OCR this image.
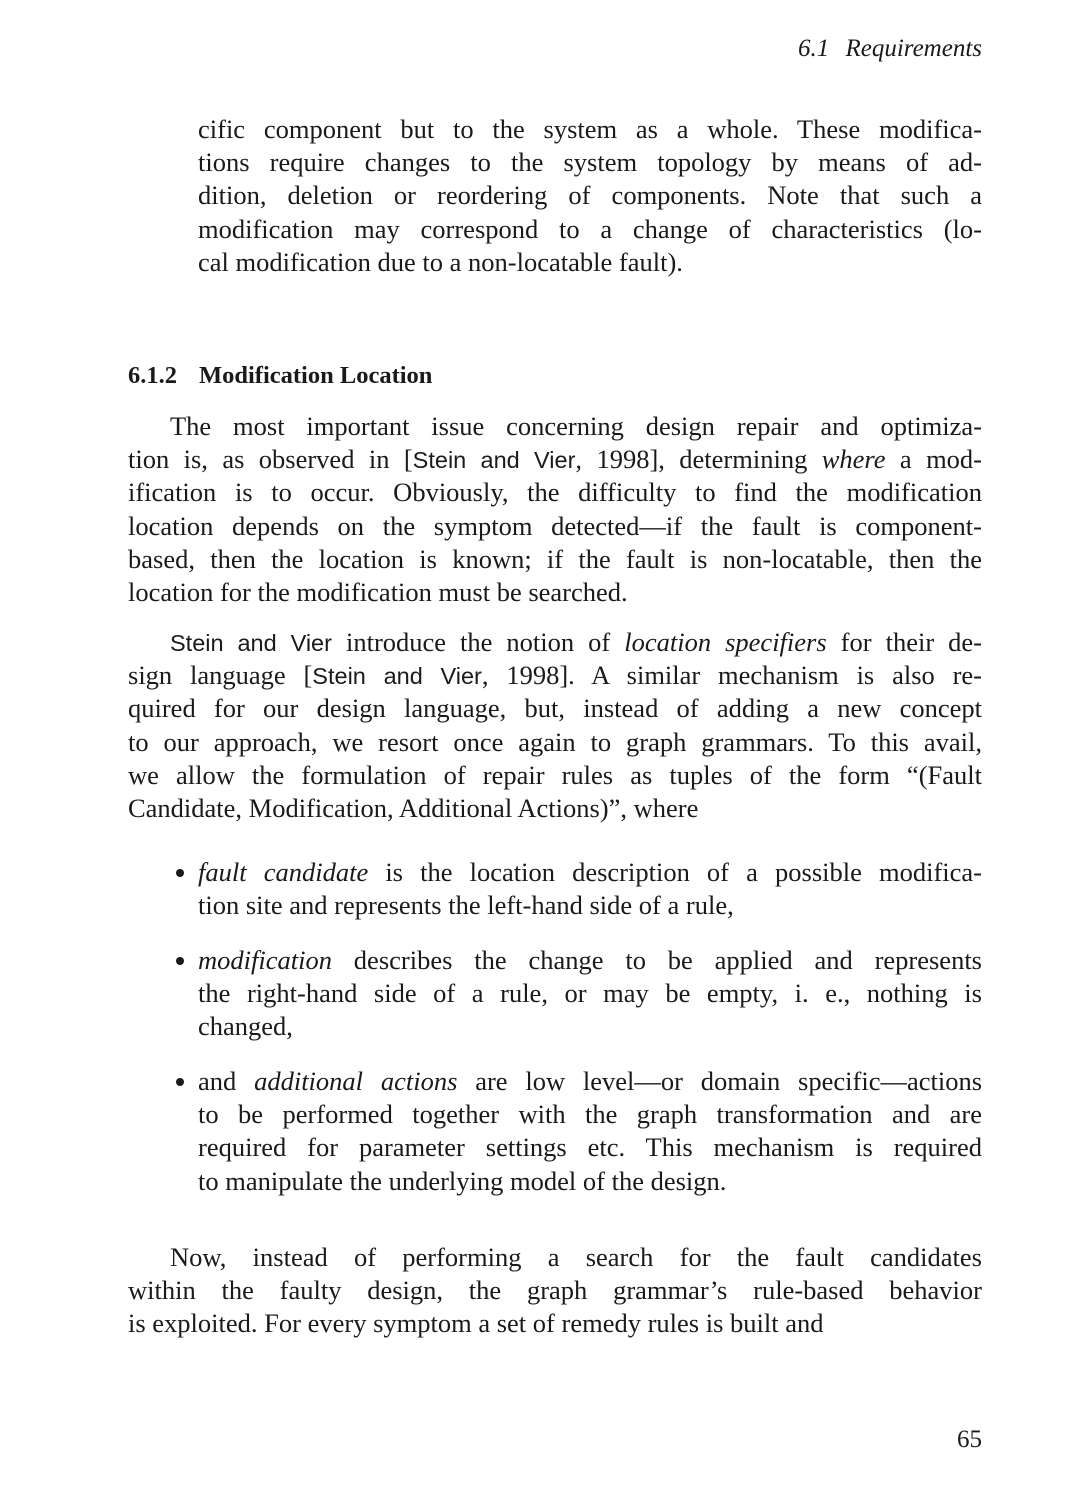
6.1 Requirements
cific component but to the system as a whole. These modifica-
tions require changes to the system topology by means of ad-
dition, deletion or reordering of components. Note that such a
modification may correspond to a change of characteristics (lo-
cal modification due to a non-locatable fault).
6.1.2 Modification Location
The most important issue concerning design repair and optimiza-
tion is, as observed in [Stein and Vier, 1998], determining where a mod-
ification is to occur. Obviously, the difficulty to find the modification
location depends on the symptom detected—if the fault is component-
based, then the location is known; if the fault is non-locatable, then the
location for the modification must be searched.
Stein and Vier introduce the notion of location specifiers for their de-
sign language [Stein and Vier, 1998]. A similar mechanism is also re-
quired for our design language, but, instead of adding a new concept
to our approach, we resort once again to graph grammars. To this avail,
we allow the formulation of repair rules as tuples of the form “(Fault
Candidate, Modification, Additional Actions)”, where
fault candidate is the location description of a possible modifica-
tion site and represents the left-hand side of a rule,
modification describes the change to be applied and represents
the right-hand side of a rule, or may be empty, i. e., nothing is
changed,
and additional actions are low level—or domain specific—actions
to be performed together with the graph transformation and are
required for parameter settings etc. This mechanism is required
to manipulate the underlying model of the design.
Now, instead of performing a search for the fault candidates
within the faulty design, the graph grammar’s rule-based behavior
is exploited. For every symptom a set of remedy rules is built and
65
